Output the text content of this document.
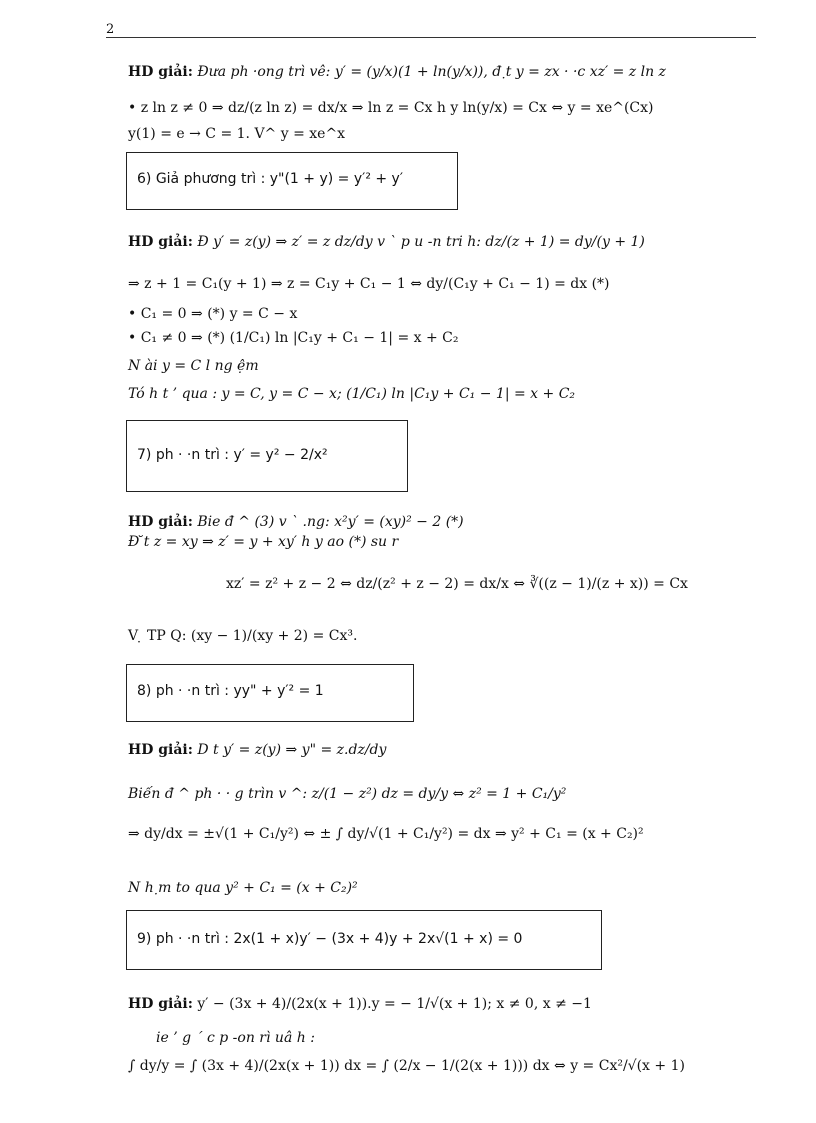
2
HD giải: Đưa ph ·ong trì vê: y′ = (y/x)(1 + ln(y/x)), đ ̣t y = zx · ·c xz′ = z ln z
• z ln z ≠ 0 ⇒ dz/(z ln z) = dx/x ⇒ ln z = Cx h y ln(y/x) = Cx ⇔ y = xe^(Cx)
y(1) = e → C = 1. V^ y = xe^x
6) Giả phương trì : y"(1 + y) = y′² + y′
HD giải: Đ y′ = z(y) ⇒ z′ = z dz/dy v ` p u -n tri h: dz/(z + 1) = dy/(y + 1)
⇒ z + 1 = C₁(y + 1) ⇒ z = C₁y + C₁ − 1 ⇔ dy/(C₁y + C₁ − 1) = dx (*)
• C₁ = 0 ⇒ (*) y = C − x
• C₁ ≠ 0 ⇒ (*) (1/C₁) ln |C₁y + C₁ − 1| = x + C₂
N ài y = C l ng ệm
Tó h t ’ qua : y = C, y = C − x; (1/C₁) ln |C₁y + C₁ − 1| = x + C₂
7) ph · ·n trì : y′ = y² − 2/x²
HD giải: Bie đ ^ (3) v ` .ng: x²y′ = (xy)² − 2 (*)
Đ ̆t z = xy ⇒ z′ = y + xy′ h y ao (*) su r
xz′ = z² + z − 2 ⇔ dz/(z² + z − 2) = dx/x ⇔ ∛((z − 1)/(z + x)) = Cx
V ̣ TP Q: (xy − 1)/(xy + 2) = Cx³.
8) ph · ·n trì : yy" + y′² = 1
HD giải: D t y′ = z(y) ⇒ y" = z.dz/dy
Biến đ ^ ph · · g trìn v ^: z/(1 − z²) dz = dy/y ⇔ z² = 1 + C₁/y²
⇒ dy/dx = ±√(1 + C₁/y²) ⇔ ± ∫ dy/√(1 + C₁/y²) = dx ⇒ y² + C₁ = (x + C₂)²
N h ̣m to qua y² + C₁ = (x + C₂)²
9) ph · ·n trì : 2x(1 + x)y′ − (3x + 4)y + 2x√(1 + x) = 0
HD giải: y′ − (3x + 4)/(2x(x + 1)).y = − 1/√(x + 1); x ≠ 0, x ≠ −1
ie ’ g ´ c p -on rì uâ h :
∫ dy/y = ∫ (3x + 4)/(2x(x + 1)) dx = ∫ (2/x − 1/(2(x + 1))) dx ⇔ y = Cx²/√(x + 1)
